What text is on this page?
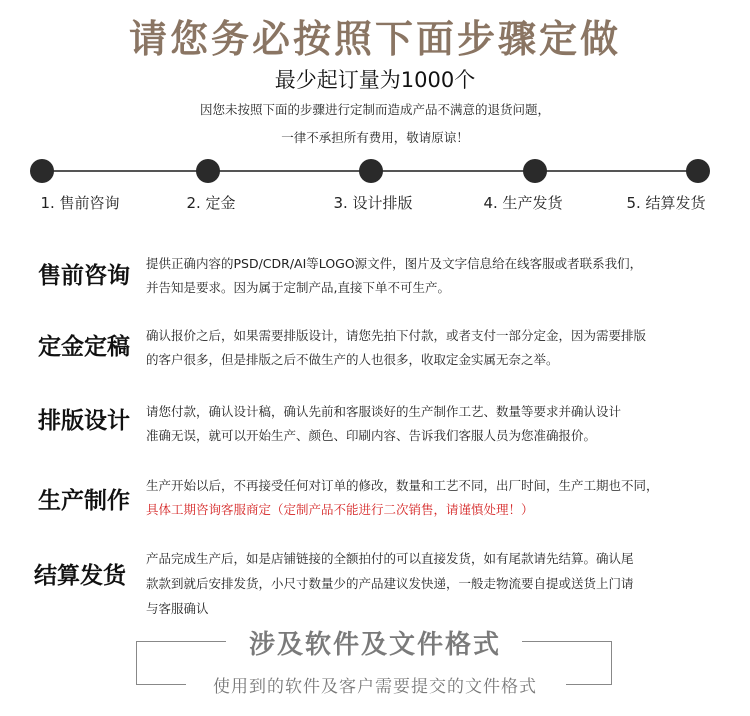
请您务必按照下面步骤定做
最少起订量为1000个
因您未按照下面的步骤进行定制而造成产品不满意的退货问题，
一律不承担所有费用，敬请原谅！
1. 售前咨询	2. 定金	3. 设计排版	4. 生产发货	5. 结算发货
售前咨询 提供正确内容的PSD/CDR/AI等LOGO源文件，图片及文字信息给在线客服或者联系我们，
并告知是要求。因为属于定制产品,直接下单不可生产。
定金定稿 确认报价之后，如果需要排版设计，请您先拍下付款，或者支付一部分定金，因为需要排版
的客户很多，但是排版之后不做生产的人也很多，收取定金实属无奈之举。
排版设计 请您付款，确认设计稿，确认先前和客服谈好的生产制作工艺、数量等要求并确认设计
准确无误，就可以开始生产、颜色、印刷内容、告诉我们客服人员为您准确报价。
生产制作
生产开始以后，不再接受任何对订单的修改，数量和工艺不同，出厂时间，生产工期也不同，
具体工期咨询客服商定（定制产品不能进行二次销售，请谨慎处理！）
结算发货
产品完成生产后，如是店铺链接的全额拍付的可以直接发货，如有尾款请先结算。确认尾
款款到就后安排发货，小尺寸数量少的产品建议发快递，一般走物流要自提或送货上门请
与客服确认
涉及软件及文件格式
使用到的软件及客户需要提交的文件格式
